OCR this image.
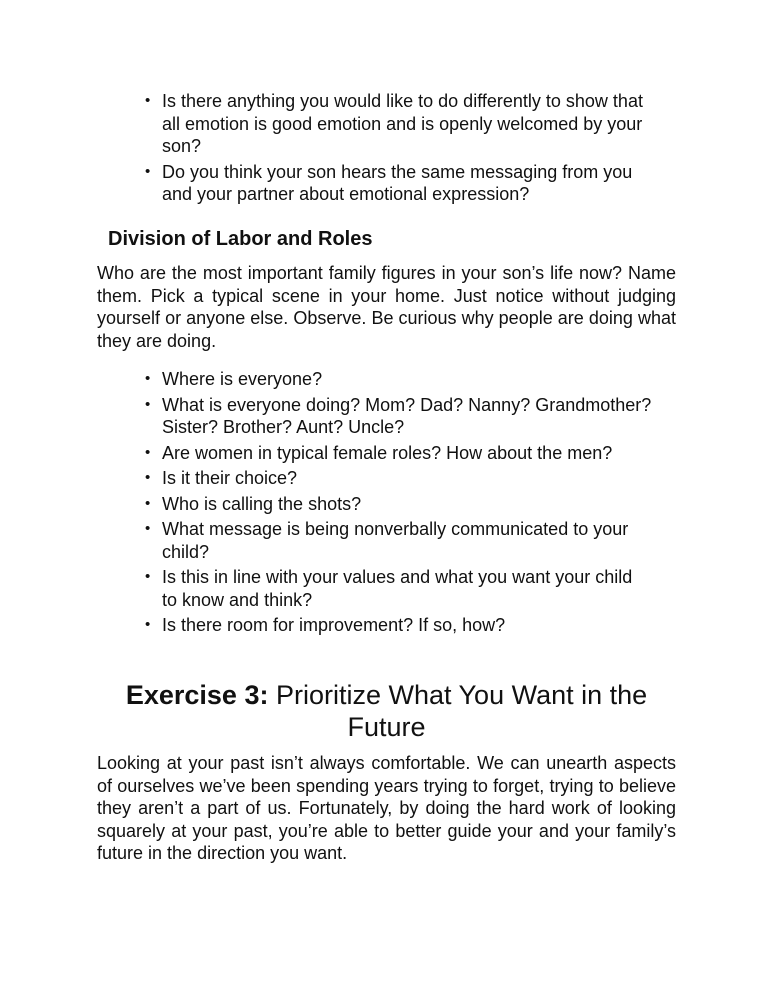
• Is there anything you would like to do differently to show that all emotion is good emotion and is openly welcomed by your son?
• Do you think your son hears the same messaging from you and your partner about emotional expression?
Division of Labor and Roles

Who are the most important family figures in your son’s life now? Name them. Pick a typical scene in your home. Just notice without judging yourself or anyone else. Observe. Be curious why people are doing what they are doing.

• Where is everyone?
• What is everyone doing? Mom? Dad? Nanny? Grandmother? Sister? Brother? Aunt? Uncle?
• Are women in typical female roles? How about the men?
• Is it their choice?
• Who is calling the shots?
• What message is being nonverbally communicated to your child?
• Is this in line with your values and what you want your child to know and think?
• Is there room for improvement? If so, how?
Exercise 3: Prioritize What You Want in the Future

Looking at your past isn’t always comfortable. We can unearth aspects of ourselves we’ve been spending years trying to forget, trying to believe they aren’t a part of us. Fortunately, by doing the hard work of looking squarely at your past, you’re able to better guide your and your family’s future in the direction you want.
